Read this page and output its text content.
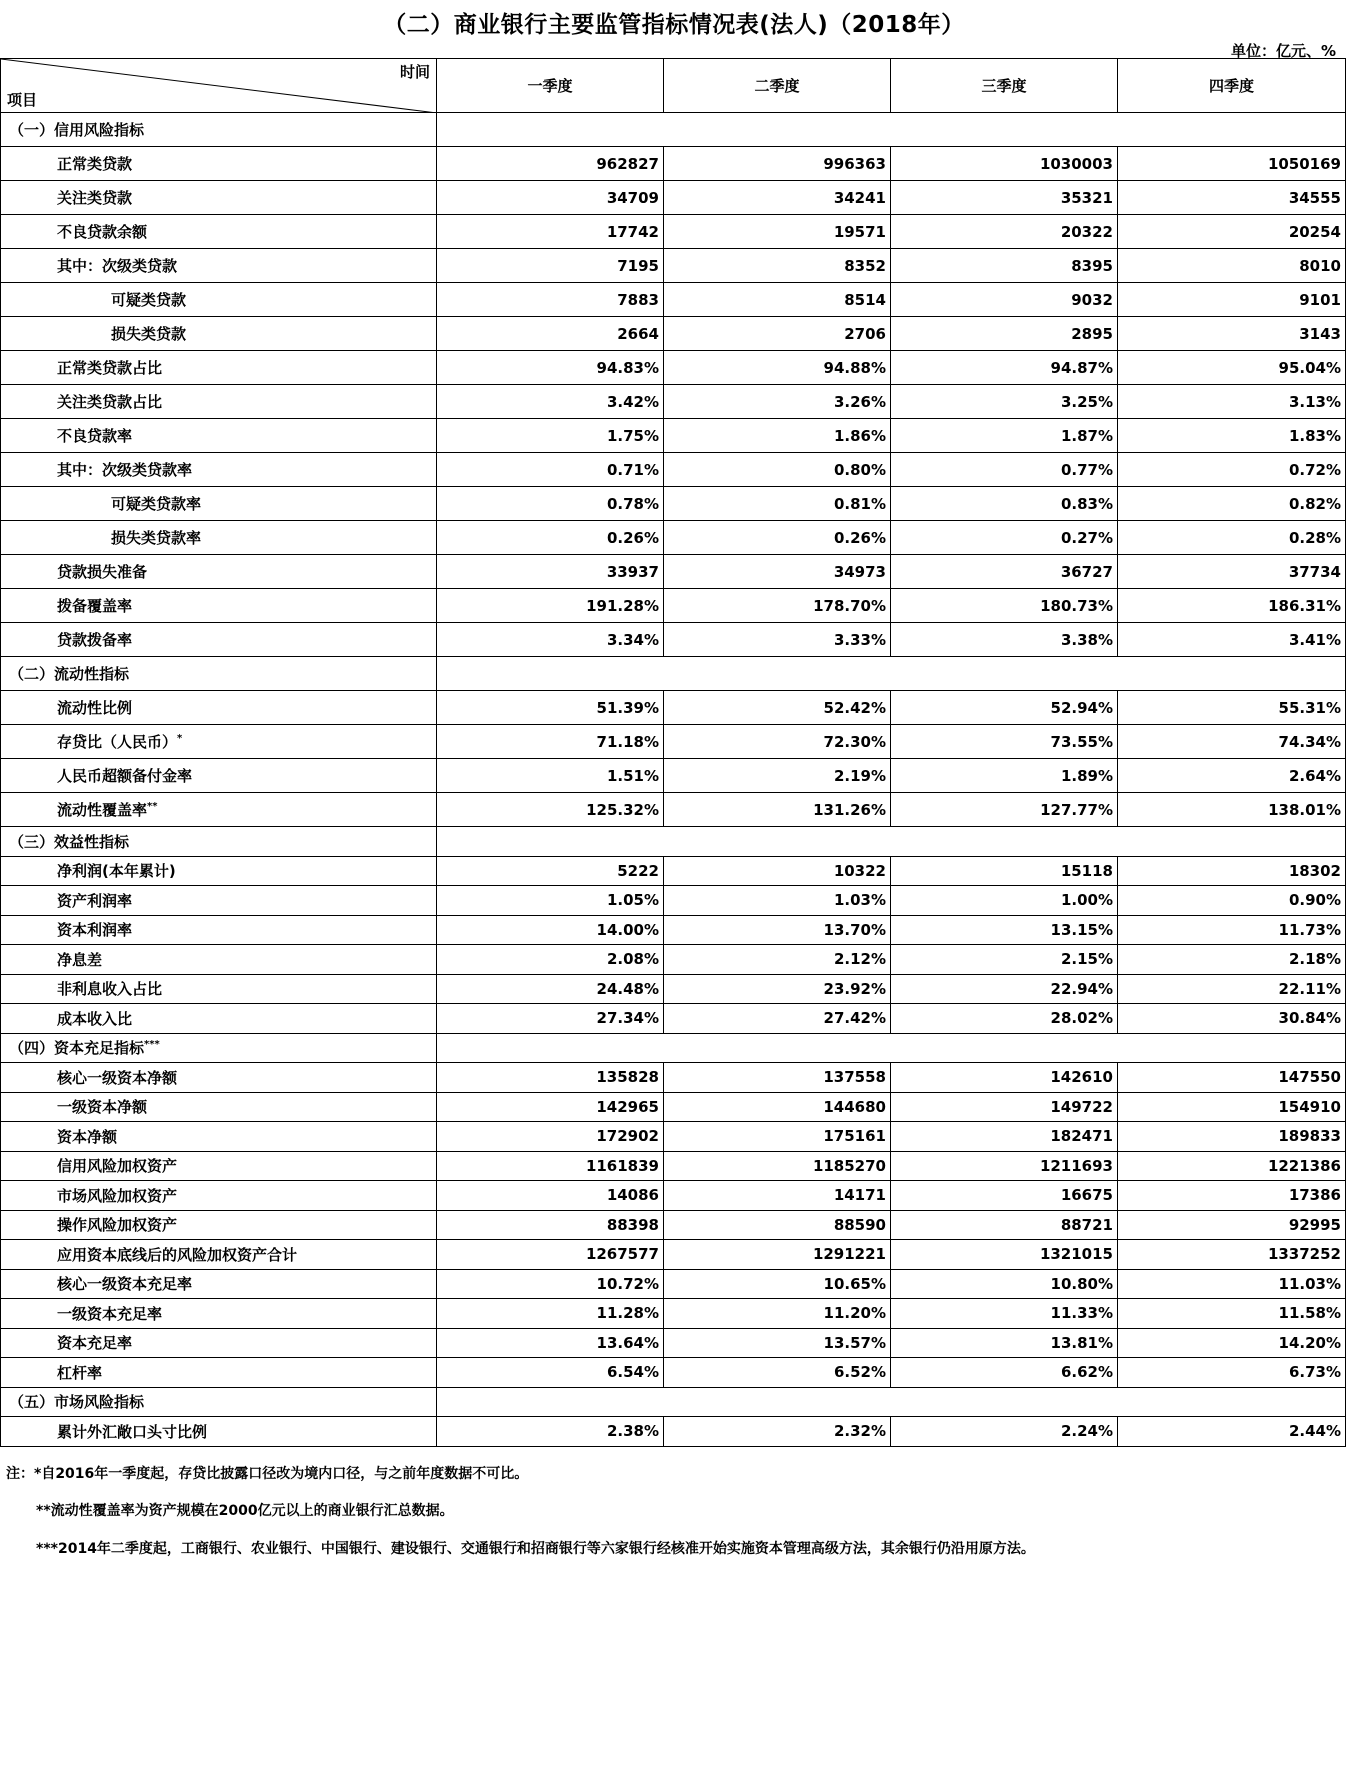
（二）商业银行主要监管指标情况表(法人)（2018年）
单位：亿元、%
时间
项目	一季度	二季度	三季度	四季度
（一）信用风险指标				
正常类贷款	962827	996363	1030003	1050169
关注类贷款	34709	34241	35321	34555
不良贷款余额	17742	19571	20322	20254
其中：次级类贷款	7195	8352	8395	8010
可疑类贷款	7883	8514	9032	9101
损失类贷款	2664	2706	2895	3143
正常类贷款占比	94.83%	94.88%	94.87%	95.04%
关注类贷款占比	3.42%	3.26%	3.25%	3.13%
不良贷款率	1.75%	1.86%	1.87%	1.83%
其中：次级类贷款率	0.71%	0.80%	0.77%	0.72%
可疑类贷款率	0.78%	0.81%	0.83%	0.82%
损失类贷款率	0.26%	0.26%	0.27%	0.28%
贷款损失准备	33937	34973	36727	37734
拨备覆盖率	191.28%	178.70%	180.73%	186.31%
贷款拨备率	3.34%	3.33%	3.38%	3.41%
（二）流动性指标				
流动性比例	51.39%	52.42%	52.94%	55.31%
存贷比（人民币）*	71.18%	72.30%	73.55%	74.34%
人民币超额备付金率	1.51%	2.19%	1.89%	2.64%
流动性覆盖率**	125.32%	131.26%	127.77%	138.01%
（三）效益性指标				
净利润(本年累计)	5222	10322	15118	18302
资产利润率	1.05%	1.03%	1.00%	0.90%
资本利润率	14.00%	13.70%	13.15%	11.73%
净息差	2.08%	2.12%	2.15%	2.18%
非利息收入占比	24.48%	23.92%	22.94%	22.11%
成本收入比	27.34%	27.42%	28.02%	30.84%
（四）资本充足指标***	
核心一级资本净额	135828	137558	142610	147550
一级资本净额	142965	144680	149722	154910
资本净额	172902	175161	182471	189833
信用风险加权资产	1161839	1185270	1211693	1221386
市场风险加权资产	14086	14171	16675	17386
操作风险加权资产	88398	88590	88721	92995
应用资本底线后的风险加权资产合计	1267577	1291221	1321015	1337252
核心一级资本充足率	10.72%	10.65%	10.80%	11.03%
一级资本充足率	11.28%	11.20%	11.33%	11.58%
资本充足率	13.64%	13.57%	13.81%	14.20%
杠杆率	6.54%	6.52%	6.62%	6.73%
（五）市场风险指标				
累计外汇敞口头寸比例	2.38%	2.32%	2.24%	2.44%
注：*自2016年一季度起，存贷比披露口径改为境内口径，与之前年度数据不可比。
**流动性覆盖率为资产规模在2000亿元以上的商业银行汇总数据。
***2014年二季度起，工商银行、农业银行、中国银行、建设银行、交通银行和招商银行等六家银行经核准开始实施资本管理高级方法，其余银行仍沿用原方法。
